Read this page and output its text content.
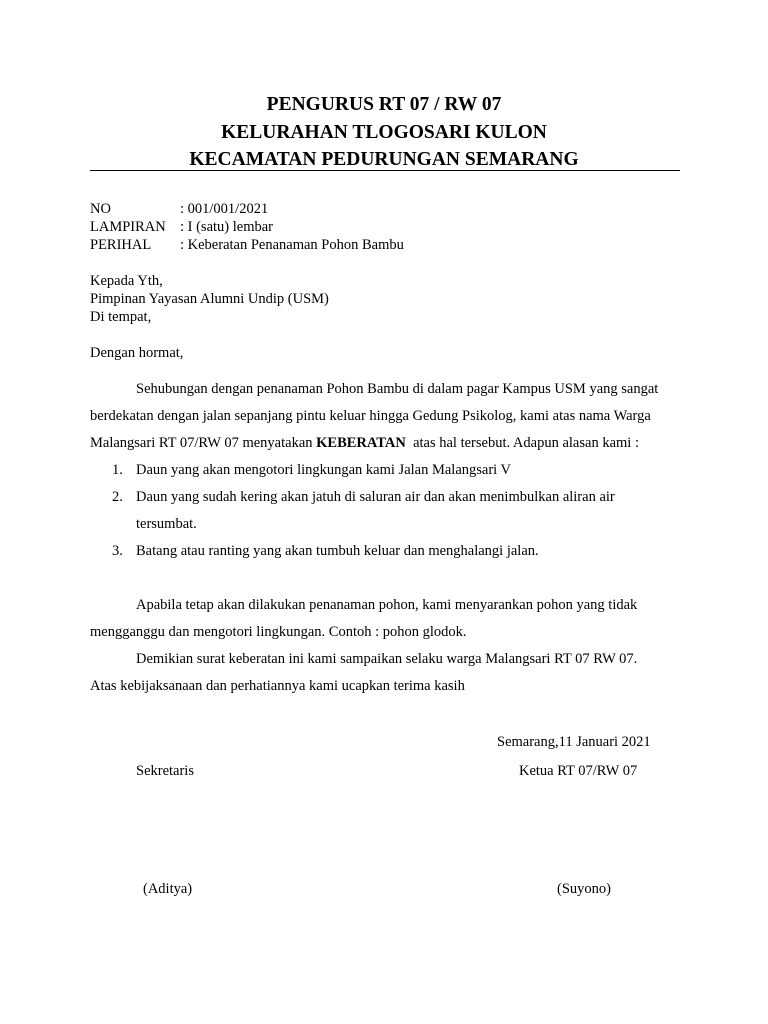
PENGURUS RT 07 / RW 07
KELURAHAN TLOGOSARI KULON
KECAMATAN PEDURUNGAN SEMARANG
NO	: 001/001/2021
LAMPIRAN : I (satu) lembar
PERIHAL : Keberatan Penanaman Pohon Bambu
Kepada Yth,
Pimpinan Yayasan Alumni Undip (USM)
Di tempat,
Dengan hormat,
Sehubungan dengan penanaman Pohon Bambu di dalam pagar Kampus USM yang sangat
berdekatan dengan jalan sepanjang pintu keluar hingga Gedung Psikolog, kami atas nama Warga
Malangsari RT 07/RW 07 menyatakan KEBERATAN  atas hal tersebut. Adapun alasan kami :
1. Daun yang akan mengotori lingkungan kami Jalan Malangsari V
2. Daun yang sudah kering akan jatuh di saluran air dan akan menimbulkan aliran air
tersumbat.
3. Batang atau ranting yang akan tumbuh keluar dan menghalangi jalan.
Apabila tetap akan dilakukan penanaman pohon, kami menyarankan pohon yang tidak
mengganggu dan mengotori lingkungan. Contoh : pohon glodok.
Demikian surat keberatan ini kami sampaikan selaku warga Malangsari RT 07 RW 07.
Atas kebijaksanaan dan perhatiannya kami ucapkan terima kasih
Semarang,11 Januari 2021
Sekretaris	Ketua RT 07/RW 07
(Aditya)	(Suyono)
